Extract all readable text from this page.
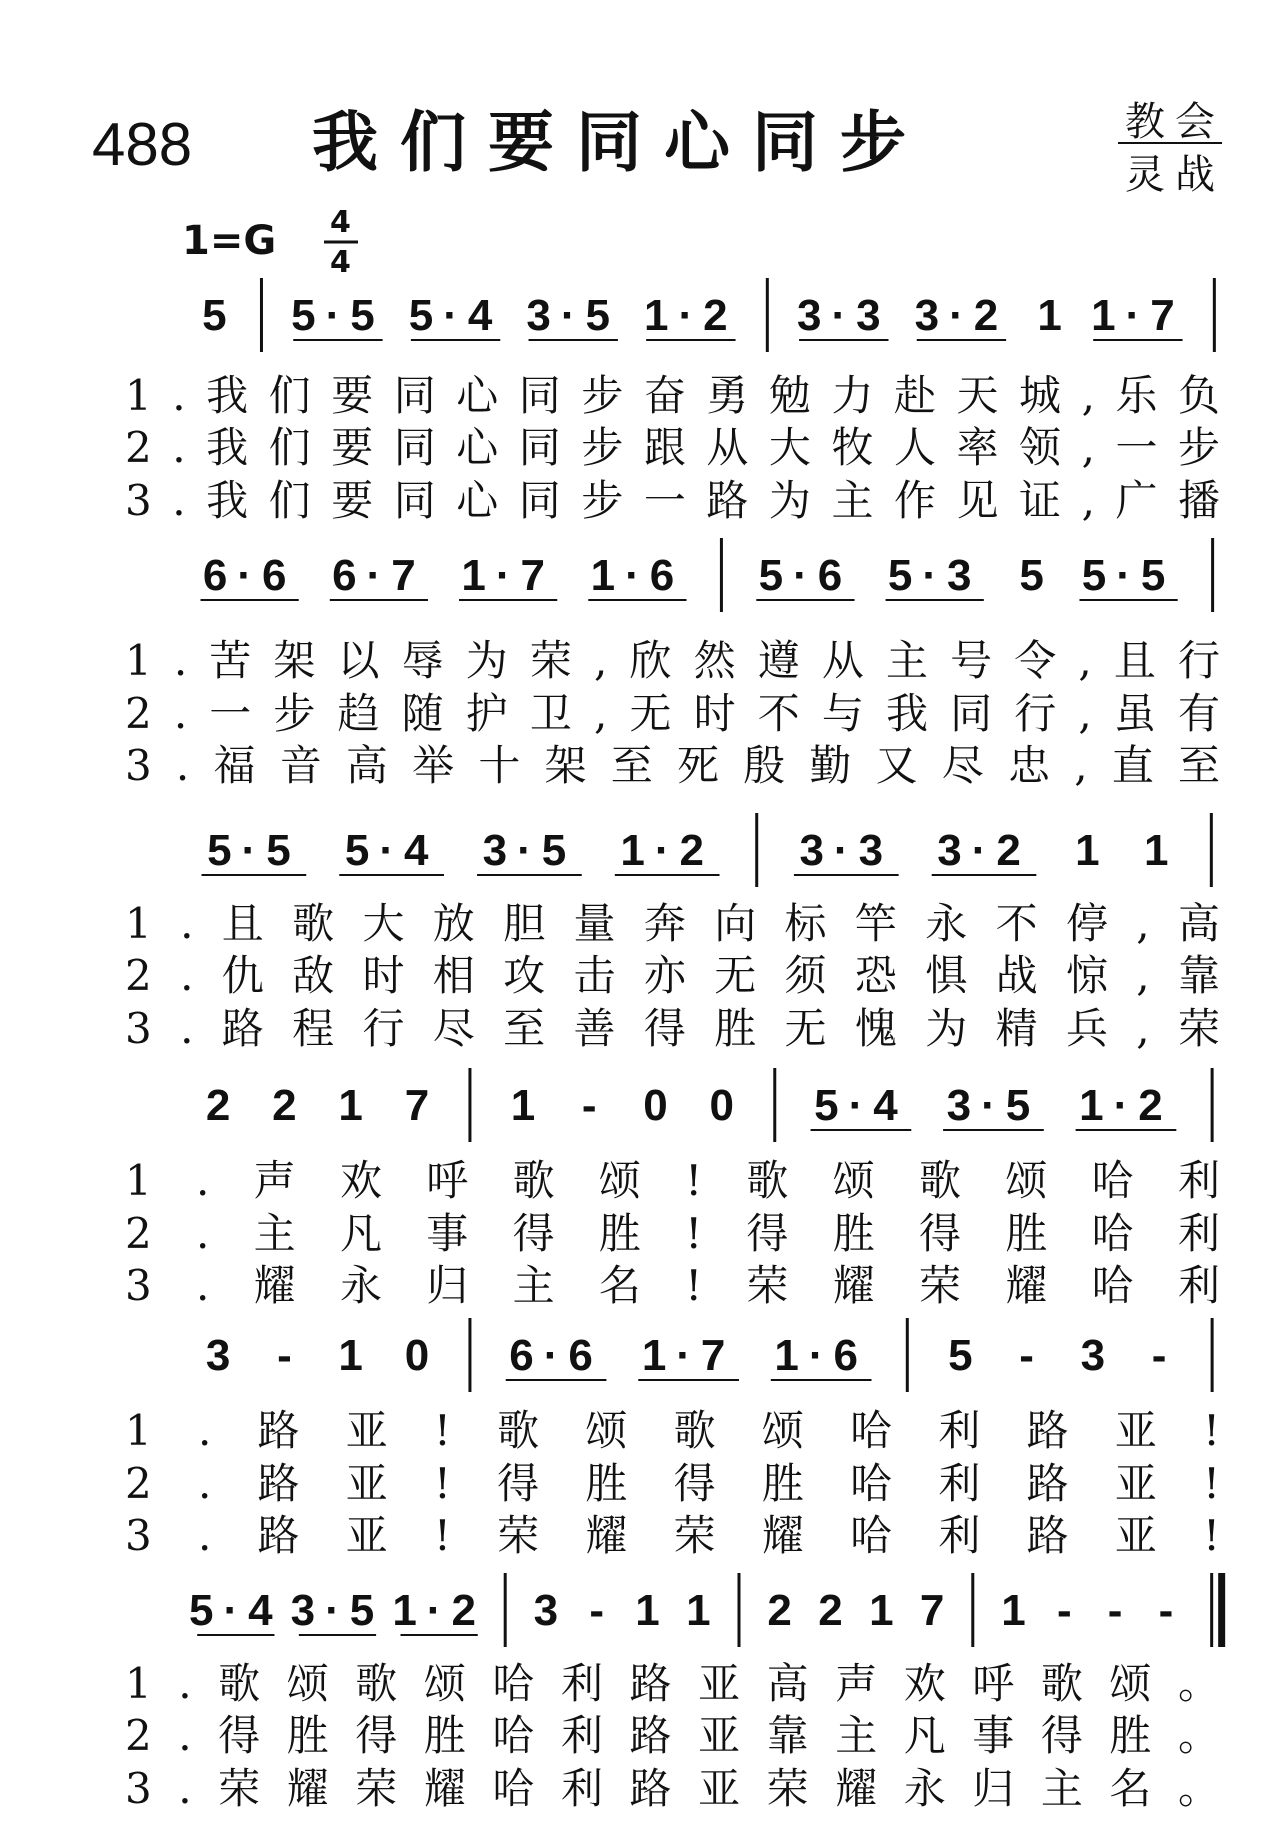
488 我们要同心同步	教会
灵战
1=G 4
4
5 5·5 5·4 3·5 1·2 3·3 3·2 1 1·7
1.我们要同心同步奋勇勉力赴天城,乐负
2.我们要同心同步跟从大牧人率领,一步
3.我们要同心同步一路为主作见证,广播
6·6 6·7 1·7 1·6 5·6 5·3 5 5·5
1.苦架以辱为荣,欣然遵从主号令,且行
2.一步趋随护卫,无时不与我同行,虽有
3.福音高举十架至死殷勤又尽忠,直至
5·5 5·4 3·5 1·2 3·3 3·2 1 1
1.且歌大放胆量奔向标竿永不停,高
2.仇敌时相攻击亦无须恐惧战惊,靠
3.路程行尽至善得胜无愧为精兵,荣
2 2 1 7 1 - 0 0 5·4 3·5 1·2
1.声欢呼歌颂!歌颂歌颂哈利
2.主凡事得胜!得胜得胜哈利
3.耀永归主名!荣耀荣耀哈利
3 - 1 0 6·6 1·7 1·6 5 - 3 -
1.路亚!歌颂歌颂哈利路亚!
2.路亚!得胜得胜哈利路亚!
3.路亚!荣耀荣耀哈利路亚!
5·4 3·5 1·2 3 - 1 1 2 2 1 7 1 - - -
1.歌颂歌颂哈利路亚高声欢呼歌颂。
2.得胜得胜哈利路亚靠主凡事得胜。
3.荣耀荣耀哈利路亚荣耀永归主名。
